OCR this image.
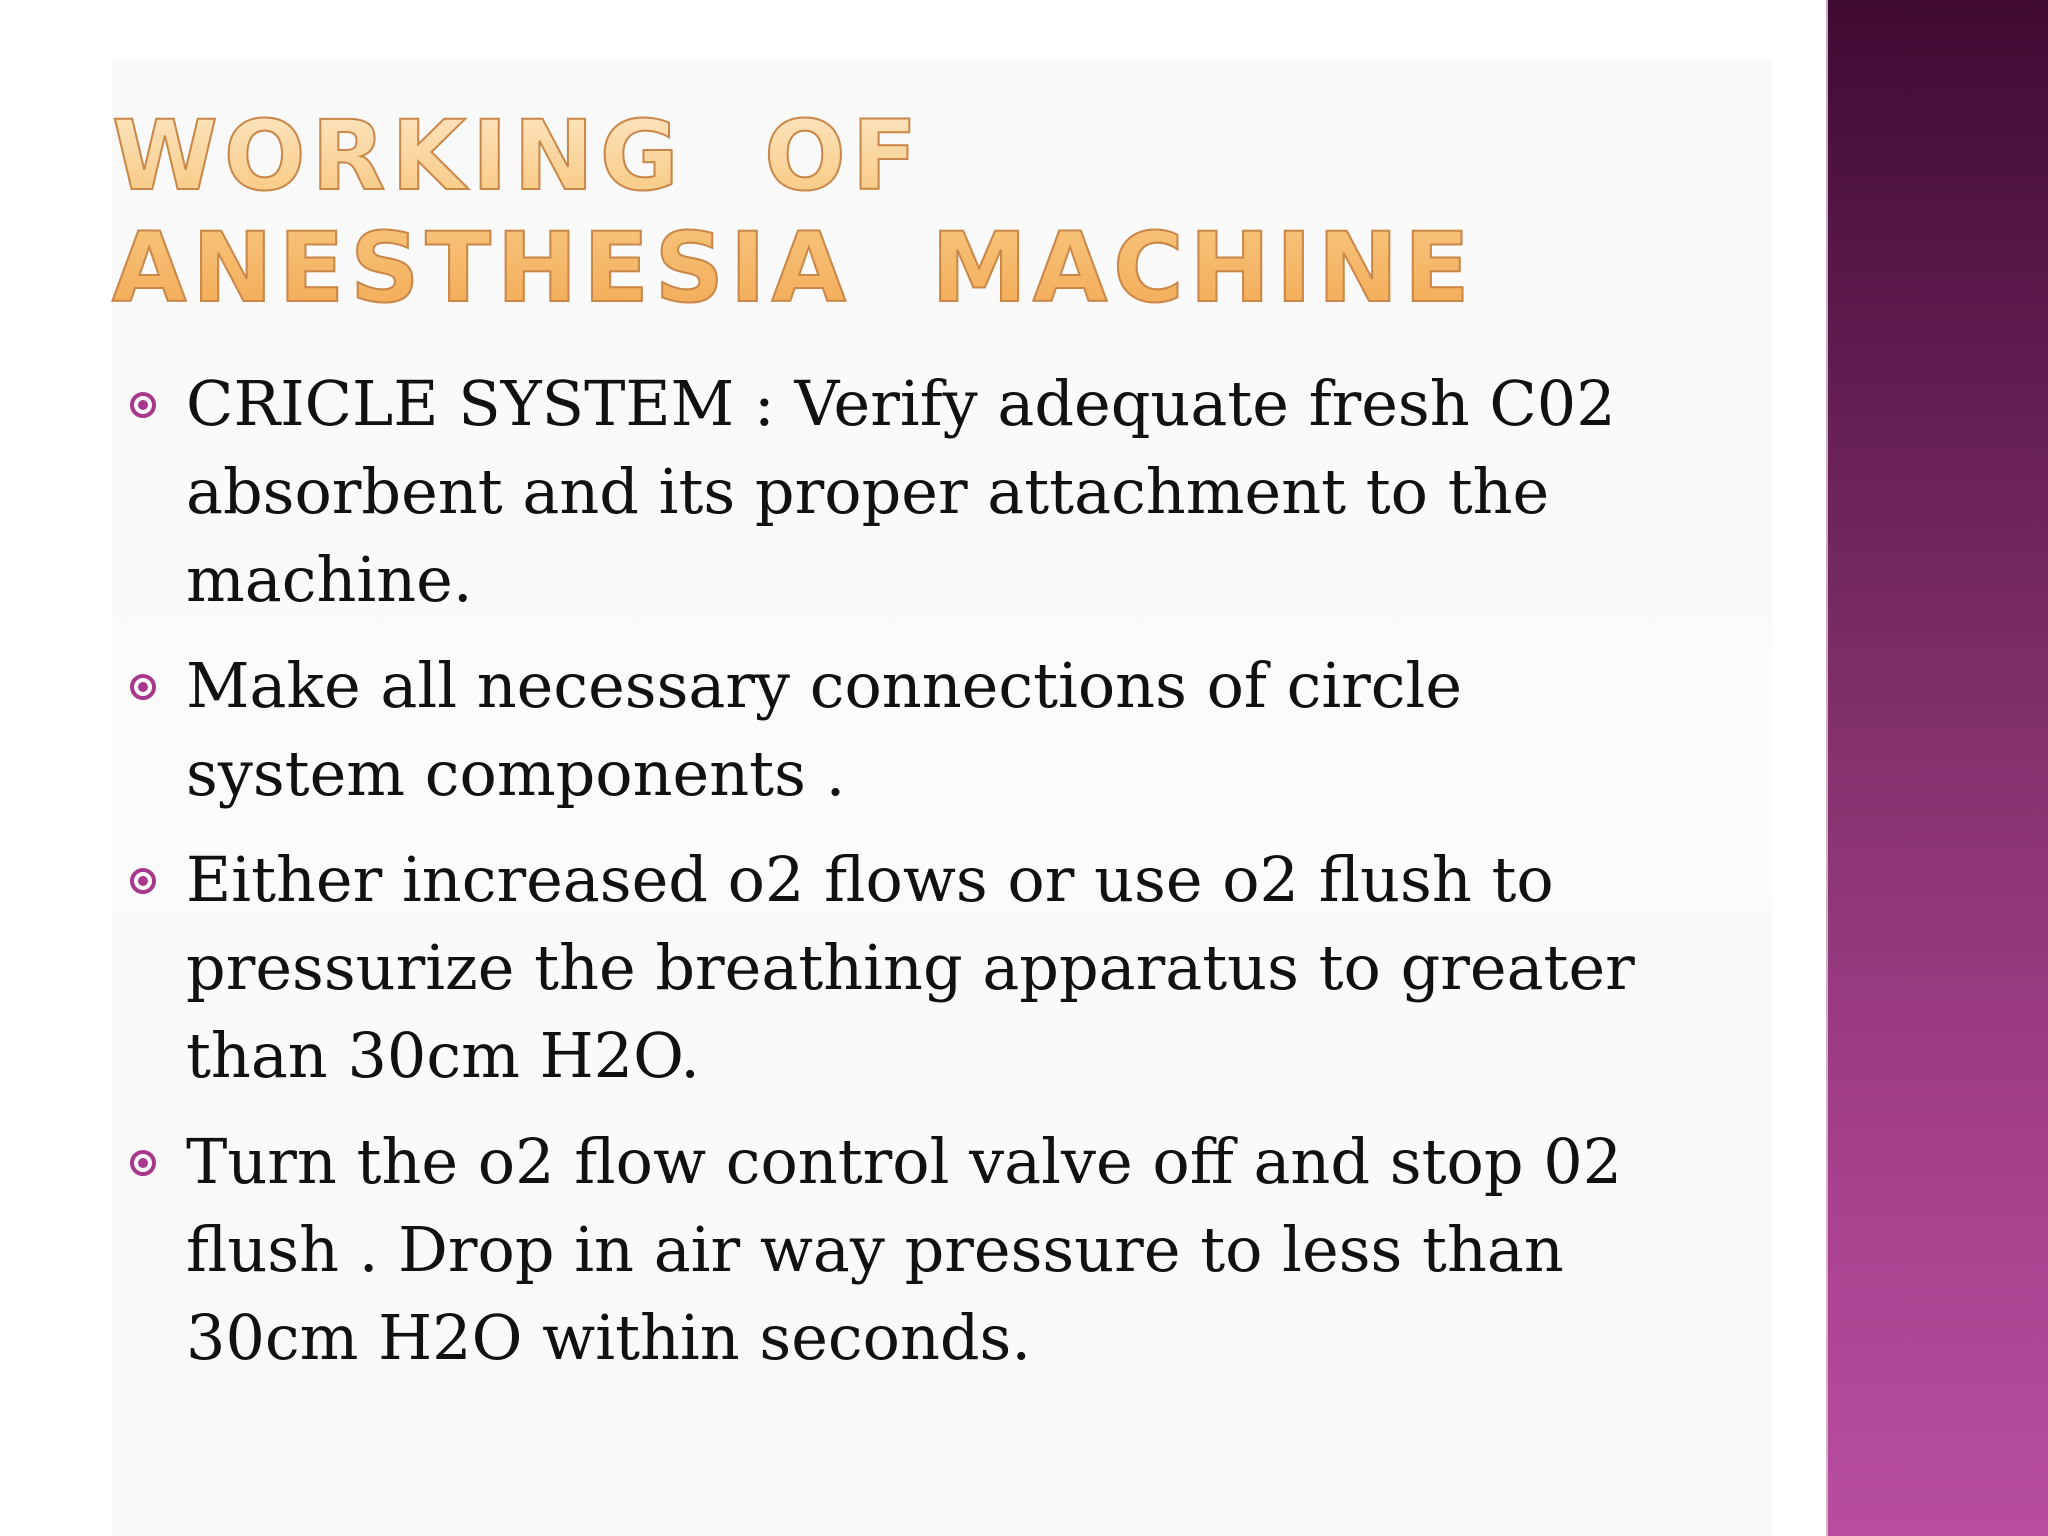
WORKING OF ANESTHESIA MACHINE
CRICLE SYSTEM : Verify adequate fresh C02 absorbent and its proper attachment to the machine.
Make all necessary connections of circle system components .
Either increased o2 flows or use o2 flush to pressurize the breathing apparatus to greater than 30cm H2O.
Turn the o2 flow control valve off and stop 02 flush . Drop in air way pressure to less than 30cm H2O within seconds.
